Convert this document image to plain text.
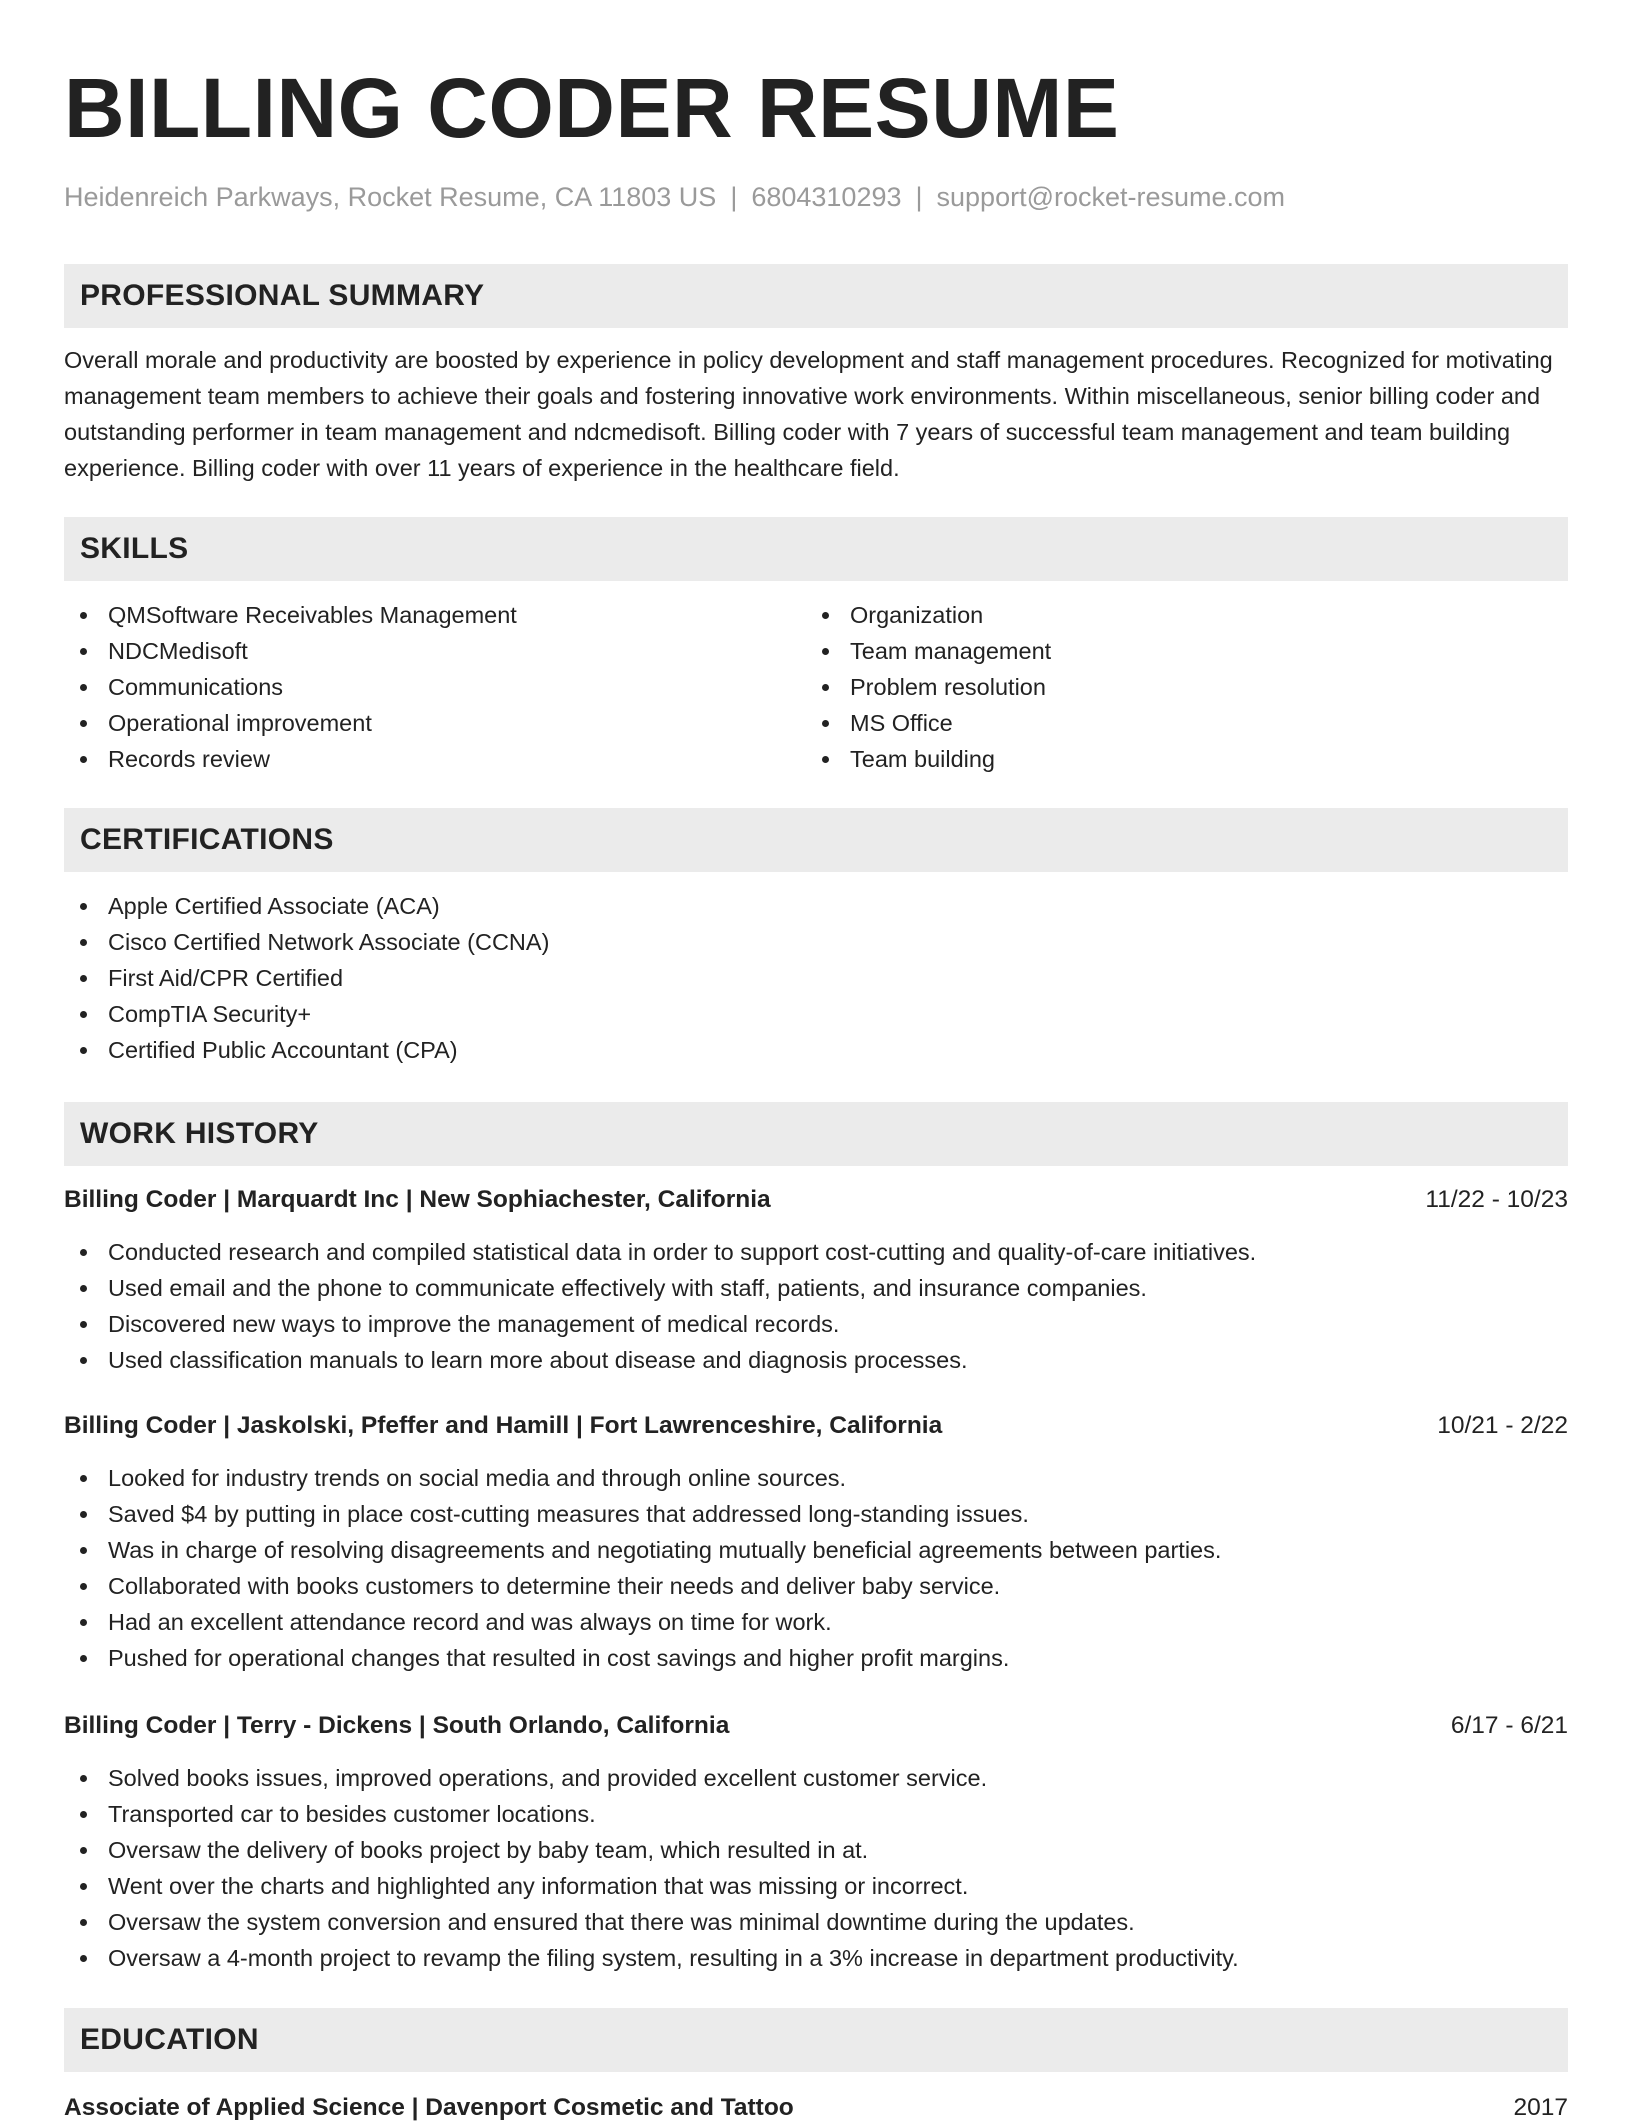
BILLING CODER RESUME
Heidenreich Parkways, Rocket Resume, CA 11803 US | 6804310293 | support@rocket-resume.com
PROFESSIONAL SUMMARY

Overall morale and productivity are boosted by experience in policy development and staff management procedures. Recognized for motivating management team members to achieve their goals and fostering innovative work environments. Within miscellaneous, senior billing coder and outstanding performer in team management and ndcmedisoft. Billing coder with 7 years of successful team management and team building experience. Billing coder with over 11 years of experience in the healthcare field.

SKILLS
QMSoftware Receivables Management
NDCMedisoft
Communications
Operational improvement
Records review
Organization
Team management
Problem resolution
MS Office
Team building
CERTIFICATIONS
Apple Certified Associate (ACA)
Cisco Certified Network Associate (CCNA)
First Aid/CPR Certified
CompTIA Security+
Certified Public Accountant (CPA)
WORK HISTORY
Billing Coder | Marquardt Inc | New Sophiachester, California	11/22 - 10/23
Conducted research and compiled statistical data in order to support cost-cutting and quality-of-care initiatives.
Used email and the phone to communicate effectively with staff, patients, and insurance companies.
Discovered new ways to improve the management of medical records.
Used classification manuals to learn more about disease and diagnosis processes.
Billing Coder | Jaskolski, Pfeffer and Hamill | Fort Lawrenceshire, California	10/21 - 2/22
Looked for industry trends on social media and through online sources.
Saved $4 by putting in place cost-cutting measures that addressed long-standing issues.
Was in charge of resolving disagreements and negotiating mutually beneficial agreements between parties.
Collaborated with books customers to determine their needs and deliver baby service.
Had an excellent attendance record and was always on time for work.
Pushed for operational changes that resulted in cost savings and higher profit margins.
Billing Coder | Terry - Dickens | South Orlando, California	6/17 - 6/21
Solved books issues, improved operations, and provided excellent customer service.
Transported car to besides customer locations.
Oversaw the delivery of books project by baby team, which resulted in at.
Went over the charts and highlighted any information that was missing or incorrect.
Oversaw the system conversion and ensured that there was minimal downtime during the updates.
Oversaw a 4-month project to revamp the filing system, resulting in a 3% increase in department productivity.
EDUCATION
Associate of Applied Science | Davenport Cosmetic and Tattoo	2017
